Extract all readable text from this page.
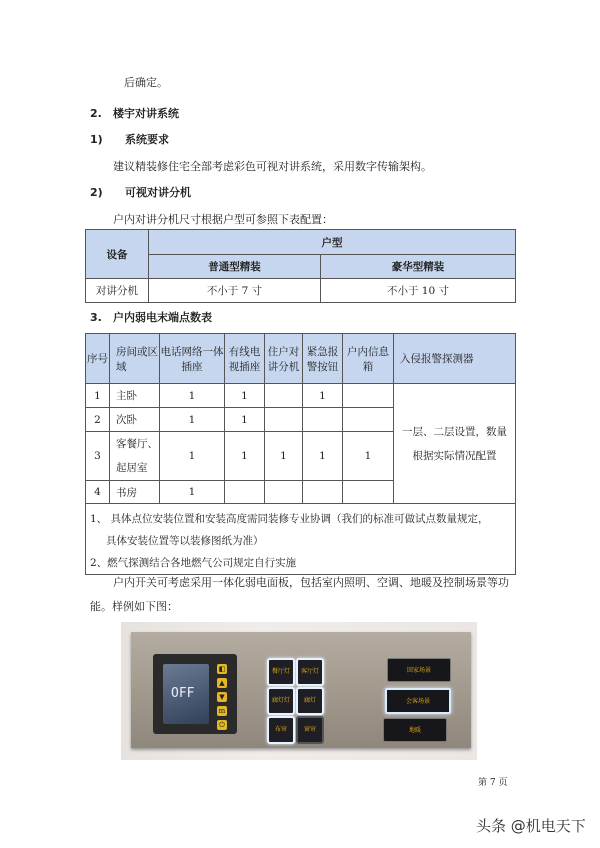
后确定。
2. 楼宇对讲系统
1) 系统要求
建议精装修住宅全部考虑彩色可视对讲系统，采用数字传输架构。
2) 可视对讲分机
户内对讲分机尺寸根据户型可参照下表配置：
设备	户型	
	普通型精装	豪华型精装
对讲分机	不小于 7 寸	不小于 10 寸
3. 户内弱电末端点数表
序号	房间或区域	电话网络一体插座	有线电视插座	住户对讲分机	紧急报警按钮	户内信息箱	入侵报警探测器
1	主卧	1	1		1		一层、二层设置，数量根据实际情况配置
2	次卧	1	1				
3	客餐厅、起居室	1	1	1	1	1	
4	书房	1					

1、 具体点位安装位置和安装高度需同装修专业协调（我们的标准可做试点数量规定，
具体安装位置等以装修图纸为准）
2、燃气探测结合各地燃气公司规定自行实施							
户内开关可考虑采用一体化弱电面板，包括室内照明、空调、地暖及控制场景等功
能。样例如下图：
OFF
◧
▲
▼
m
⏻
餐厅灯	客厅灯
廊灯灯	廊灯
布帘	窗帘
回家场景
会客场景
地暖
第 7 页
头条 @机电天下
